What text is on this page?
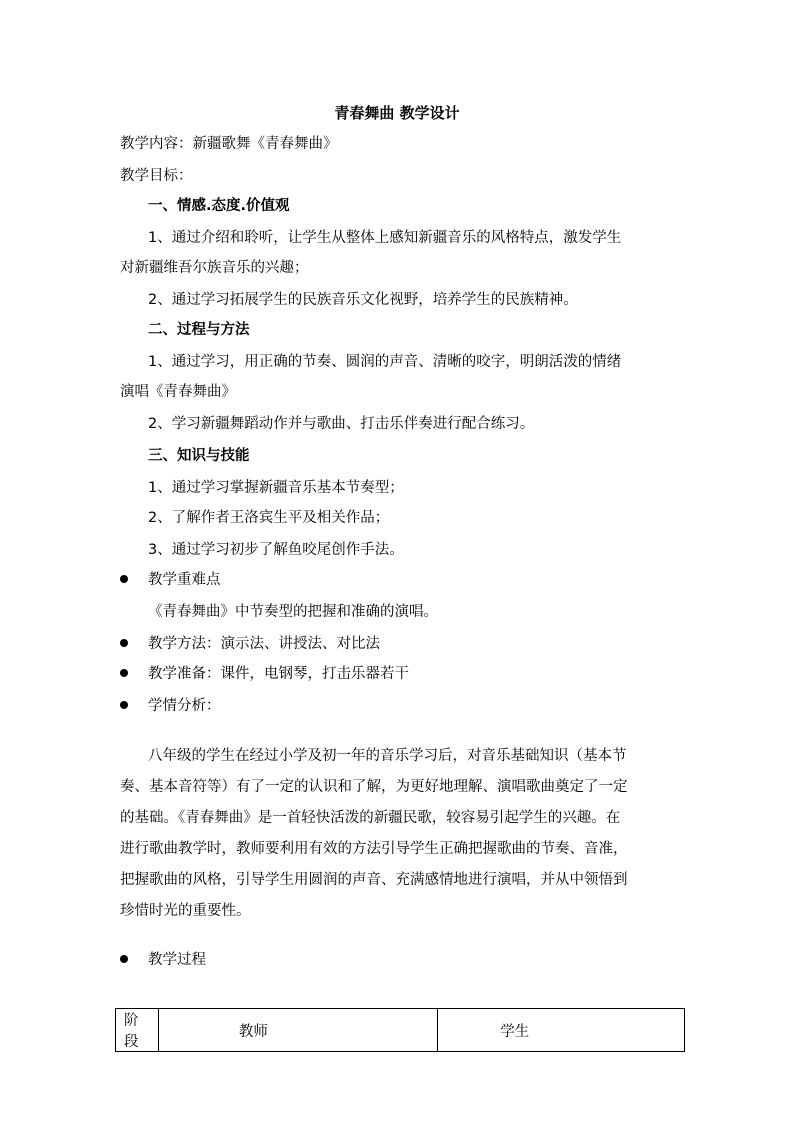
青春舞曲 教学设计
教学内容：新疆歌舞《青春舞曲》
教学目标：
一、情感.态度.价值观
1、通过介绍和聆听，让学生从整体上感知新疆音乐的风格特点，激发学生
对新疆维吾尔族音乐的兴趣；
2、通过学习拓展学生的民族音乐文化视野，培养学生的民族精神。
二、过程与方法
1、通过学习，用正确的节奏、圆润的声音、清晰的咬字，明朗活泼的情绪
演唱《青春舞曲》
2、学习新疆舞蹈动作并与歌曲、打击乐伴奏进行配合练习。
三、知识与技能
1、通过学习掌握新疆音乐基本节奏型；
2、了解作者王洛宾生平及相关作品；
3、通过学习初步了解鱼咬尾创作手法。
教学重难点
《青春舞曲》中节奏型的把握和准确的演唱。
教学方法：演示法、讲授法、对比法
教学准备：课件，电钢琴，打击乐器若干
学情分析：
八年级的学生在经过小学及初一年的音乐学习后，对音乐基础知识（基本节
奏、基本音符等）有了一定的认识和了解，为更好地理解、演唱歌曲奠定了一定
的基础。《青春舞曲》是一首轻快活泼的新疆民歌，较容易引起学生的兴趣。在
进行歌曲教学时，教师要利用有效的方法引导学生正确把握歌曲的节奏、音准，
把握歌曲的风格，引导学生用圆润的声音、充满感情地进行演唱，并从中领悟到
珍惜时光的重要性。
教学过程
阶段	教师	学生
